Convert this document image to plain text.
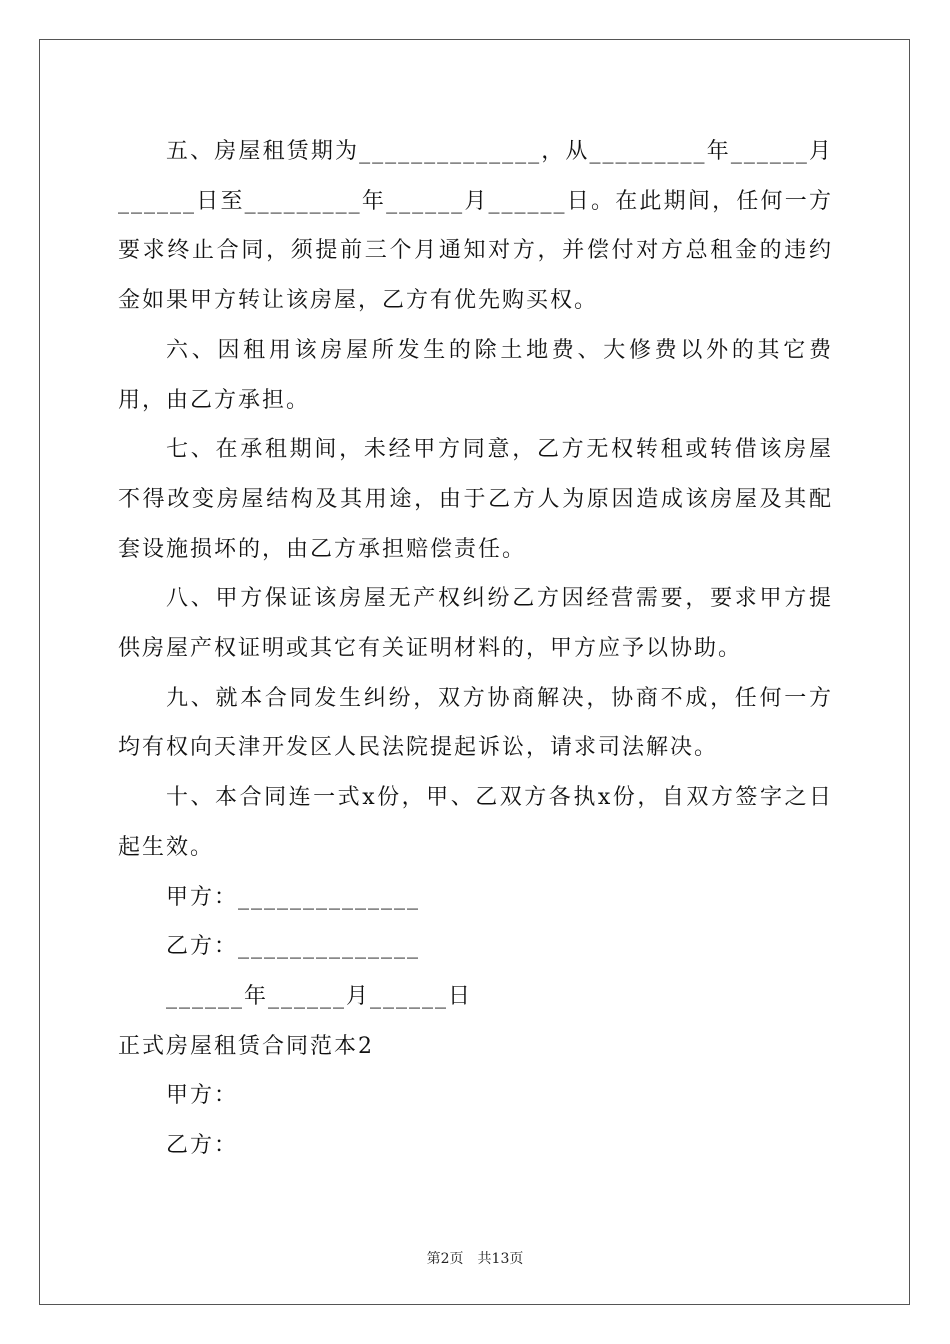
五、房屋租赁期为______________，从_________年______月______日至_________年______月______日。在此期间，任何一方要求终止合同，须提前三个月通知对方，并偿付对方总租金的违约金如果甲方转让该房屋，乙方有优先购买权。

六、因租用该房屋所发生的除土地费、大修费以外的其它费用，由乙方承担。

七、在承租期间，未经甲方同意，乙方无权转租或转借该房屋不得改变房屋结构及其用途，由于乙方人为原因造成该房屋及其配套设施损坏的，由乙方承担赔偿责任。

八、甲方保证该房屋无产权纠纷乙方因经营需要，要求甲方提供房屋产权证明或其它有关证明材料的，甲方应予以协助。

九、就本合同发生纠纷，双方协商解决，协商不成，任何一方均有权向天津开发区人民法院提起诉讼，请求司法解决。

十、本合同连一式x份，甲、乙双方各执x份，自双方签字之日起生效。

甲方：______________

乙方：______________

______年______月______日

正式房屋租赁合同范本2

甲方：

乙方：

第2页　共13页
